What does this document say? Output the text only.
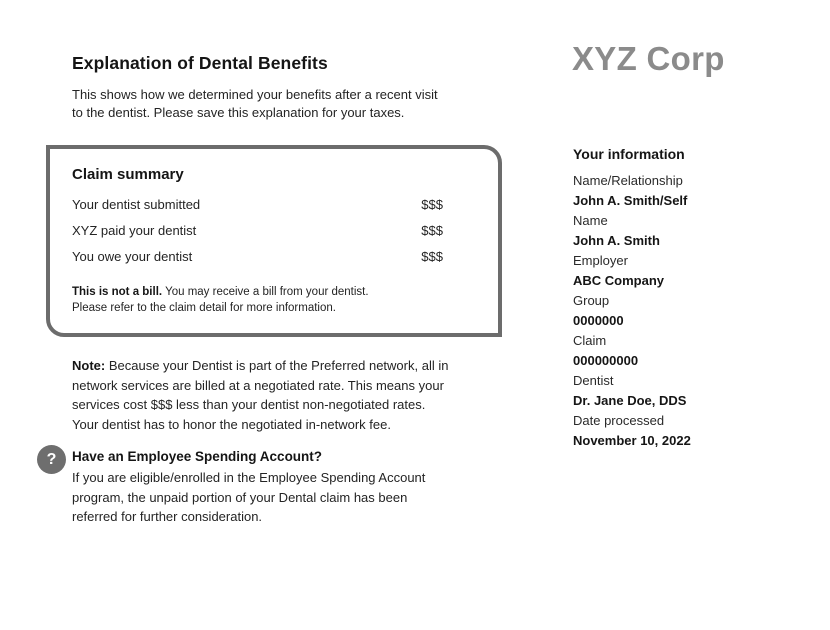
Explanation of Dental Benefits
This shows how we determined your benefits after a recent visit
to the dentist. Please save this explanation for your taxes.
Claim summary
Your dentist submitted	$$$
XYZ paid your dentist	$$$
You owe your dentist	$$$

This is not a bill. You may receive a bill from your dentist.
Please refer to the claim detail for more information.

Note: Because your Dentist is part of the Preferred network, all in
network services are billed at a negotiated rate. This means your
services cost $$$ less than your dentist non-negotiated rates.
Your dentist has to honor the negotiated in-network fee.

? Have an Employee Spending Account?
If you are eligible/enrolled in the Employee Spending Account
program, the unpaid portion of your Dental claim has been
referred for further consideration.
XYZ Corp
Your information
Name/Relationship
John A. Smith/Self
Name
John A. Smith
Employer
ABC Company
Group
0000000
Claim
000000000
Dentist
Dr. Jane Doe, DDS
Date processed
November 10, 2022
